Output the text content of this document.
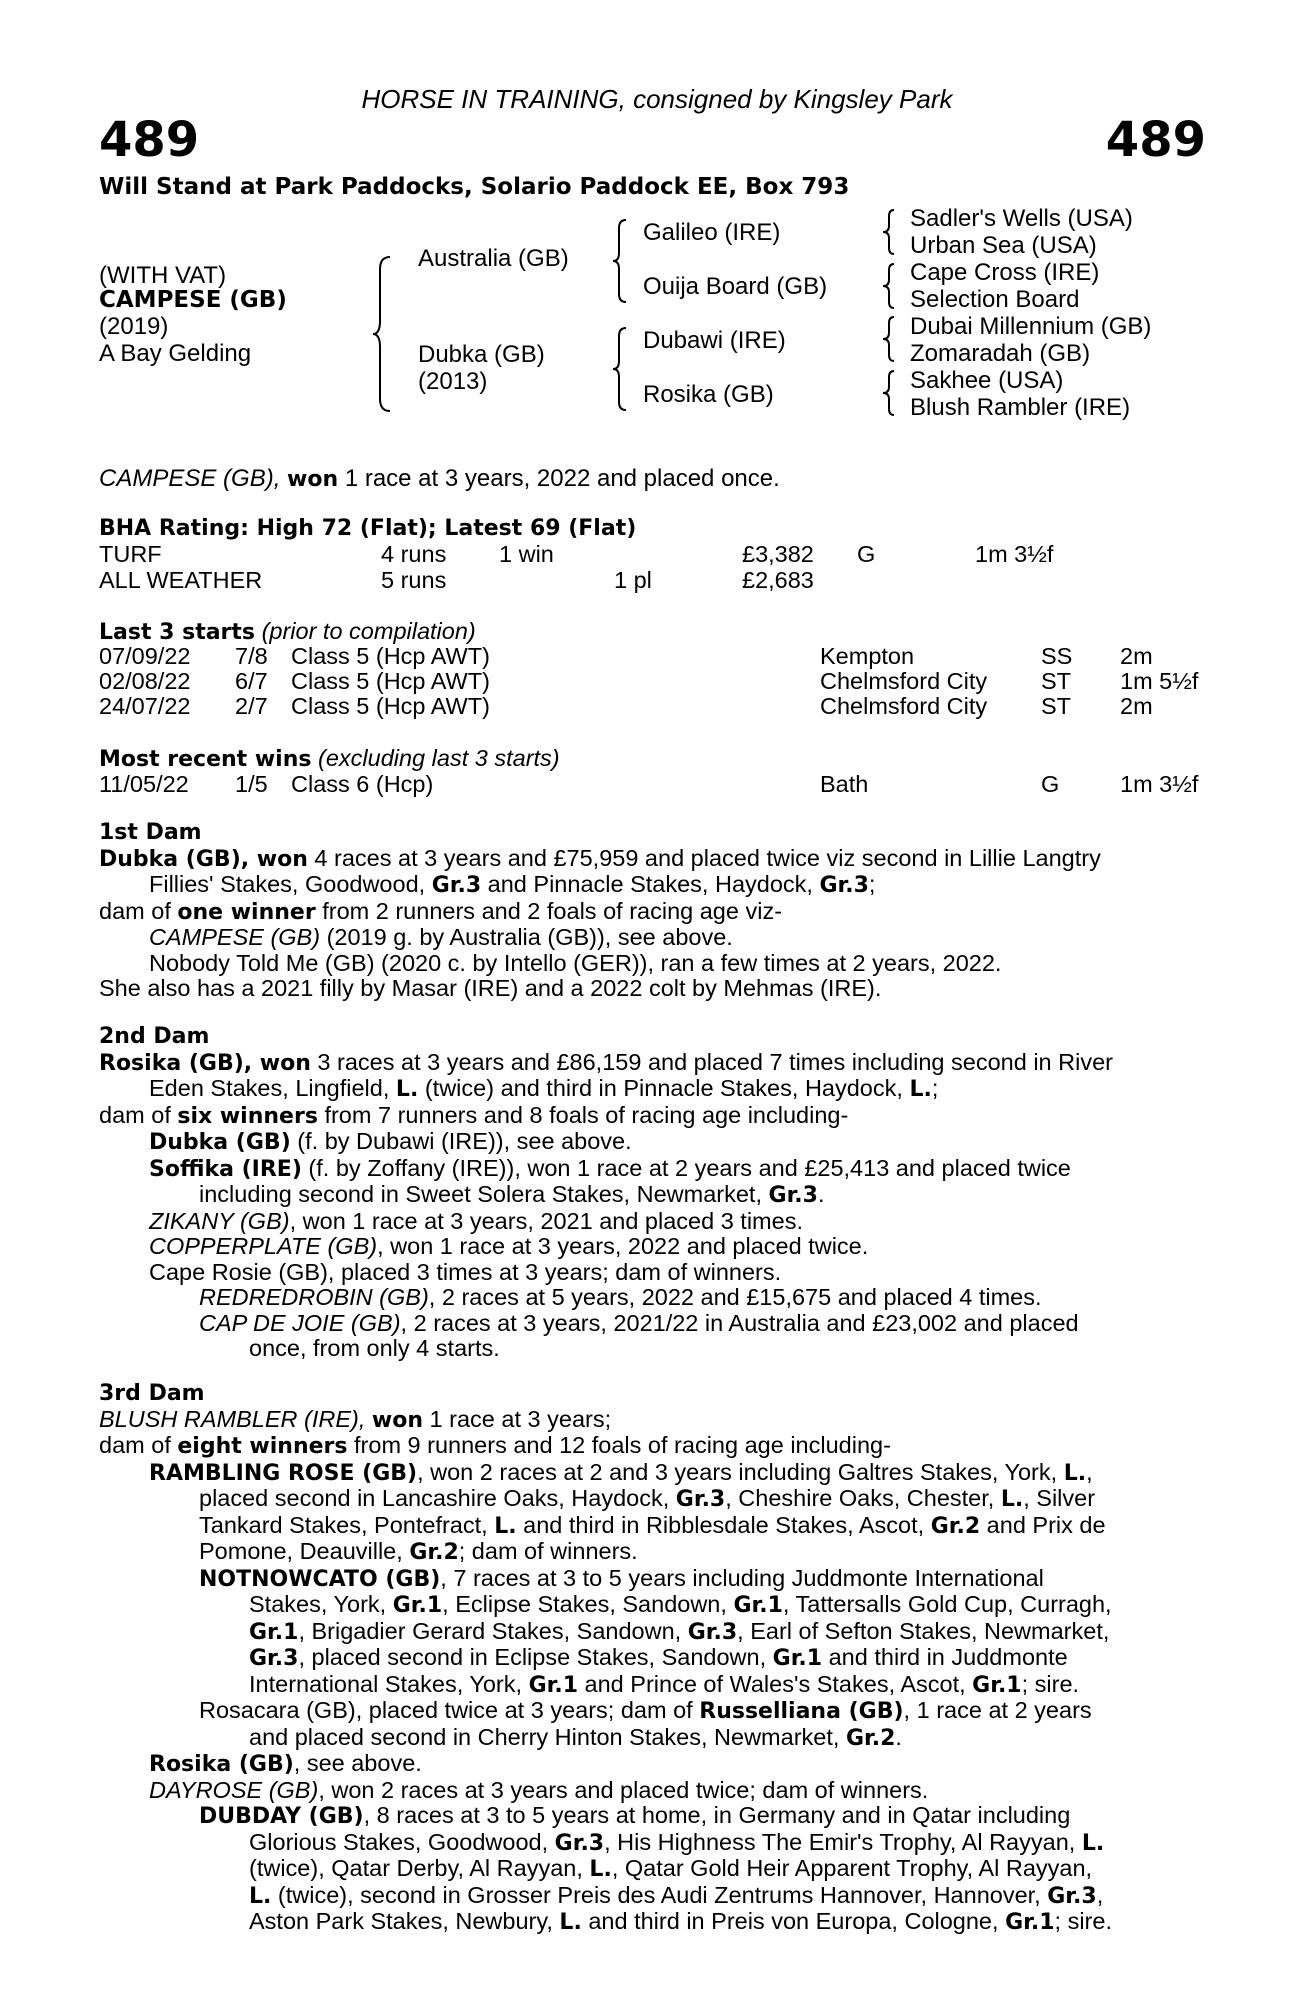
HORSE IN TRAINING, consigned by Kingsley Park
489	489
Will Stand at Park Paddocks, Solario Paddock EE, Box 793
(WITH VAT)
CAMPESE (GB)
(2019)
A Bay Gelding
Australia (GB)
Dubka (GB)
(2013)
Galileo (IRE)
Ouija Board (GB)
Dubawi (IRE)
Rosika (GB)
Sadler's Wells (USA)
Urban Sea (USA)
Cape Cross (IRE)
Selection Board
Dubai Millennium (GB)
Zomaradah (GB)
Sakhee (USA)
Blush Rambler (IRE)
CAMPESE (GB), won 1 race at 3 years, 2022 and placed once.
BHA Rating: High 72 (Flat); Latest 69 (Flat)
TURF	4 runs 1 win	£3,382 G	1m 3½f
ALL WEATHER	5 runs	1 pl	£2,683
Last 3 starts (prior to compilation)
07/09/22 7/8 Class 5 (Hcp AWT)	Kempton	SS 2m
02/08/22 6/7 Class 5 (Hcp AWT)	Chelmsford City ST 1m 5½f
24/07/22 2/7 Class 5 (Hcp AWT)	Chelmsford City ST 2m
Most recent wins (excluding last 3 starts)
11/05/22 1/5 Class 6 (Hcp)	Bath	G	1m 3½f
1st Dam
Dubka (GB), won 4 races at 3 years and £75,959 and placed twice viz second in Lillie Langtry
Fillies' Stakes, Goodwood, Gr.3 and Pinnacle Stakes, Haydock, Gr.3;
dam of one winner from 2 runners and 2 foals of racing age viz-
CAMPESE (GB) (2019 g. by Australia (GB)), see above.
Nobody Told Me (GB) (2020 c. by Intello (GER)), ran a few times at 2 years, 2022.
She also has a 2021 filly by Masar (IRE) and a 2022 colt by Mehmas (IRE).
2nd Dam
Rosika (GB), won 3 races at 3 years and £86,159 and placed 7 times including second in River
Eden Stakes, Lingfield, L. (twice) and third in Pinnacle Stakes, Haydock, L.;
dam of six winners from 7 runners and 8 foals of racing age including-
Dubka (GB) (f. by Dubawi (IRE)), see above.
Soffika (IRE) (f. by Zoffany (IRE)), won 1 race at 2 years and £25,413 and placed twice
including second in Sweet Solera Stakes, Newmarket, Gr.3.
ZIKANY (GB), won 1 race at 3 years, 2021 and placed 3 times.
COPPERPLATE (GB), won 1 race at 3 years, 2022 and placed twice.
Cape Rosie (GB), placed 3 times at 3 years; dam of winners.
REDREDROBIN (GB), 2 races at 5 years, 2022 and £15,675 and placed 4 times.
CAP DE JOIE (GB), 2 races at 3 years, 2021/22 in Australia and £23,002 and placed
once, from only 4 starts.
3rd Dam
BLUSH RAMBLER (IRE), won 1 race at 3 years;
dam of eight winners from 9 runners and 12 foals of racing age including-
RAMBLING ROSE (GB), won 2 races at 2 and 3 years including Galtres Stakes, York, L.,
placed second in Lancashire Oaks, Haydock, Gr.3, Cheshire Oaks, Chester, L., Silver
Tankard Stakes, Pontefract, L. and third in Ribblesdale Stakes, Ascot, Gr.2 and Prix de
Pomone, Deauville, Gr.2; dam of winners.
NOTNOWCATO (GB), 7 races at 3 to 5 years including Juddmonte International
Stakes, York, Gr.1, Eclipse Stakes, Sandown, Gr.1, Tattersalls Gold Cup, Curragh,
Gr.1, Brigadier Gerard Stakes, Sandown, Gr.3, Earl of Sefton Stakes, Newmarket,
Gr.3, placed second in Eclipse Stakes, Sandown, Gr.1 and third in Juddmonte
International Stakes, York, Gr.1 and Prince of Wales's Stakes, Ascot, Gr.1; sire.
Rosacara (GB), placed twice at 3 years; dam of Russelliana (GB), 1 race at 2 years
and placed second in Cherry Hinton Stakes, Newmarket, Gr.2.
Rosika (GB), see above.
DAYROSE (GB), won 2 races at 3 years and placed twice; dam of winners.
DUBDAY (GB), 8 races at 3 to 5 years at home, in Germany and in Qatar including
Glorious Stakes, Goodwood, Gr.3, His Highness The Emir's Trophy, Al Rayyan, L.
(twice), Qatar Derby, Al Rayyan, L., Qatar Gold Heir Apparent Trophy, Al Rayyan,
L. (twice), second in Grosser Preis des Audi Zentrums Hannover, Hannover, Gr.3,
Aston Park Stakes, Newbury, L. and third in Preis von Europa, Cologne, Gr.1; sire.
